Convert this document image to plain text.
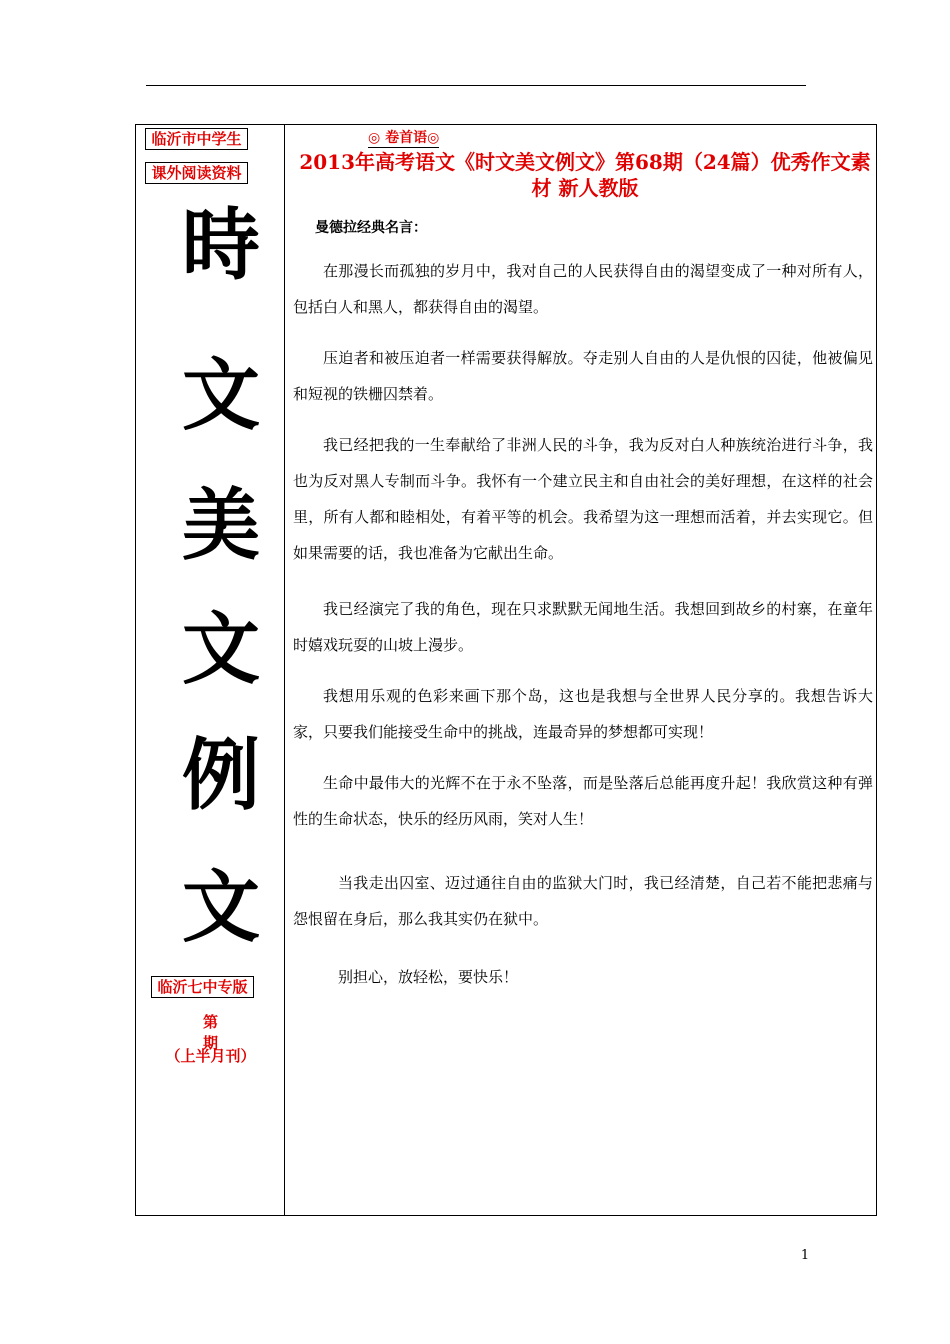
临沂市中学生
课外阅读资料
時
文
美
文
例
文
临沂七中专版
第　　期
（上半月刊）
◎ 卷首语◎
2013年高考语文《时文美文例文》第68期（24篇）优秀作文素材 新人教版
曼德拉经典名言：
在那漫长而孤独的岁月中，我对自己的人民获得自由的渴望变成了一种对所有人，包括白人和黑人，都获得自由的渴望。
压迫者和被压迫者一样需要获得解放。夺走别人自由的人是仇恨的囚徒，他被偏见和短视的铁栅囚禁着。
我已经把我的一生奉献给了非洲人民的斗争，我为反对白人种族统治进行斗争，我也为反对黑人专制而斗争。我怀有一个建立民主和自由社会的美好理想，在这样的社会里，所有人都和睦相处，有着平等的机会。我希望为这一理想而活着，并去实现它。但如果需要的话，我也准备为它献出生命。
我已经演完了我的角色，现在只求默默无闻地生活。我想回到故乡的村寨，在童年时嬉戏玩耍的山坡上漫步。
我想用乐观的色彩来画下那个岛，这也是我想与全世界人民分享的。我想告诉大家，只要我们能接受生命中的挑战，连最奇异的梦想都可实现！
生命中最伟大的光辉不在于永不坠落，而是坠落后总能再度升起！我欣赏这种有弹性的生命状态，快乐的经历风雨，笑对人生！
当我走出囚室、迈过通往自由的监狱大门时，我已经清楚，自己若不能把悲痛与怨恨留在身后，那么我其实仍在狱中。
别担心，放轻松，要快乐！
1
